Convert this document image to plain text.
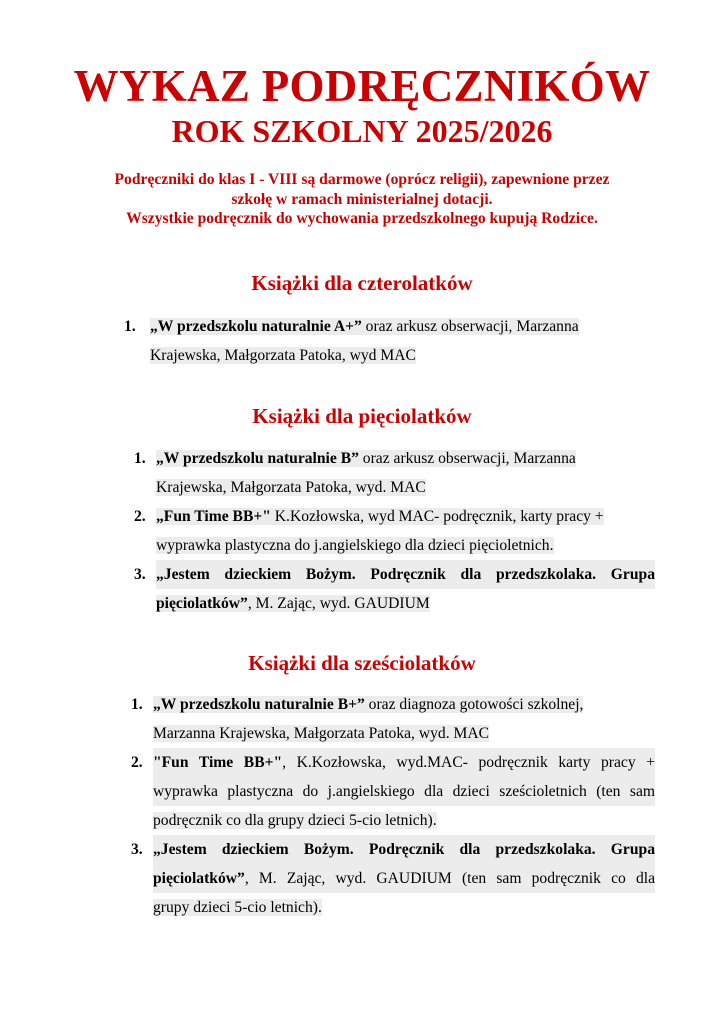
WYKAZ PODRĘCZNIKÓW
ROK SZKOLNY 2025/2026
Podręczniki do klas I - VIII są darmowe (oprócz religii), zapewnione przez
szkołę w ramach ministerialnej dotacji.
Wszystkie podręcznik do wychowania przedszkolnego kupują Rodzice.
Książki dla czterolatków
1. „W przedszkolu naturalnie A+” oraz arkusz obserwacji, Marzanna
Krajewska, Małgorzata Patoka, wyd MAC
Książki dla pięciolatków
1. „W przedszkolu naturalnie B” oraz arkusz obserwacji, Marzanna
Krajewska, Małgorzata Patoka, wyd. MAC
2. „Fun Time BB+" K.Kozłowska, wyd MAC- podręcznik, karty pracy +
wyprawka plastyczna do j.angielskiego dla dzieci pięcioletnich.
3. „Jestem dzieckiem Bożym. Podręcznik dla przedszkolaka. Grupa
pięciolatków”, M. Zając, wyd. GAUDIUM
Książki dla sześciolatków
1. „W przedszkolu naturalnie B+” oraz diagnoza gotowości szkolnej,
Marzanna Krajewska, Małgorzata Patoka, wyd. MAC
2. "Fun Time BB+", K.Kozłowska, wyd.MAC- podręcznik karty pracy +
wyprawka plastyczna do j.angielskiego dla dzieci sześcioletnich (ten sam
podręcznik co dla grupy dzieci 5-cio letnich).
3. „Jestem dzieckiem Bożym. Podręcznik dla przedszkolaka. Grupa
pięciolatków”, M. Zając, wyd. GAUDIUM (ten sam podręcznik co dla
grupy dzieci 5-cio letnich).
